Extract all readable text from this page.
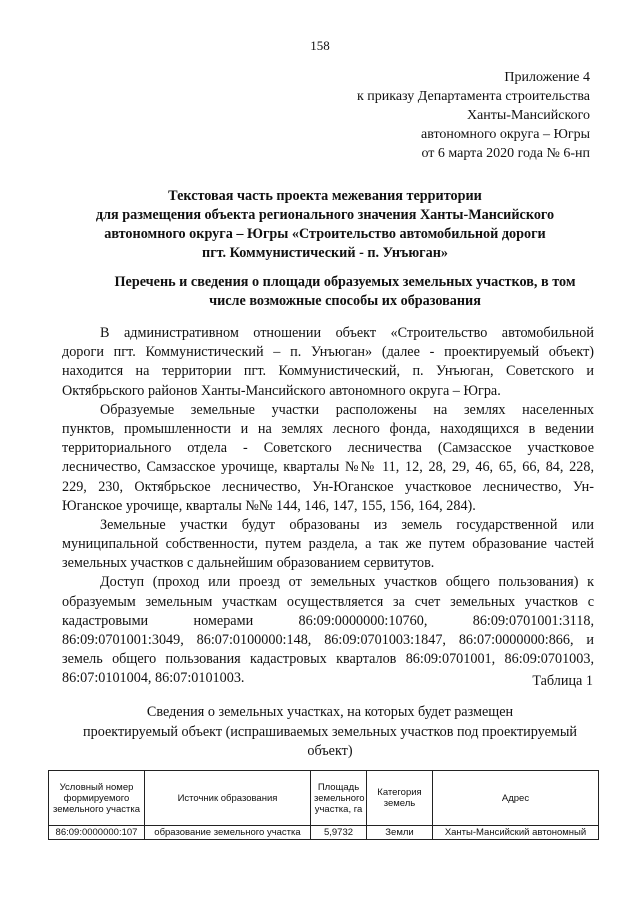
158
Приложение 4
к приказу Департамента строительства
Ханты-Мансийского
автономного округа – Югры
от 6 марта 2020 года № 6-нп
Текстовая часть проекта межевания территории
для размещения объекта регионального значения Ханты-Мансийского
автономного округа – Югры «Строительство автомобильной дороги
пгт. Коммунистический - п. Унъюган»
Перечень и сведения о площади образуемых земельных участков, в том
числе возможные способы их образования
В административном отношении объект «Строительство автомобильной
дороги пгт. Коммунистический – п. Унъюган» (далее - проектируемый объект)
находится на территории пгт. Коммунистический, п. Унъюган, Советского и
Октябрьского районов Ханты-Мансийского автономного округа – Югра.
Образуемые земельные участки расположены на землях населенных
пунктов, промышленности и на землях лесного фонда, находящихся в ведении
территориального отдела - Советского лесничества (Самзасское участковое
лесничество, Самзасское урочище, кварталы №№ 11, 12, 28, 29, 46, 65, 66, 84, 228,
229, 230, Октябрьское лесничество, Ун-Юганское участковое лесничество, Ун-
Юганское урочище, кварталы №№ 144, 146, 147, 155, 156, 164, 284).
Земельные участки будут образованы из земель государственной или
муниципальной собственности, путем раздела, а так же путем образование частей
земельных участков с дальнейшим образованием сервитутов.
Доступ (проход или проезд от земельных участков общего пользования) к
образуемым земельным участкам осуществляется за счет земельных участков с
кадастровыми номерами 86:09:0000000:10760, 86:09:0701001:3118,
86:09:0701001:3049, 86:07:0100000:148, 86:09:0701003:1847, 86:07:0000000:866, и
земель общего пользования кадастровых кварталов 86:09:0701001, 86:09:0701003,
86:07:0101004, 86:07:0101003.	Таблица 1
Сведения о земельных участках, на которых будет размещен
проектируемый объект (испрашиваемых земельных участков под проектируемый
объект)
Условный номер формируемого земельного участка	Источник образования	Площадь земельного участка, га	Категория земель	Адрес
86:09:0000000:107	образование земельного участка	5,9732	Земли	Ханты-Мансийский автономный
